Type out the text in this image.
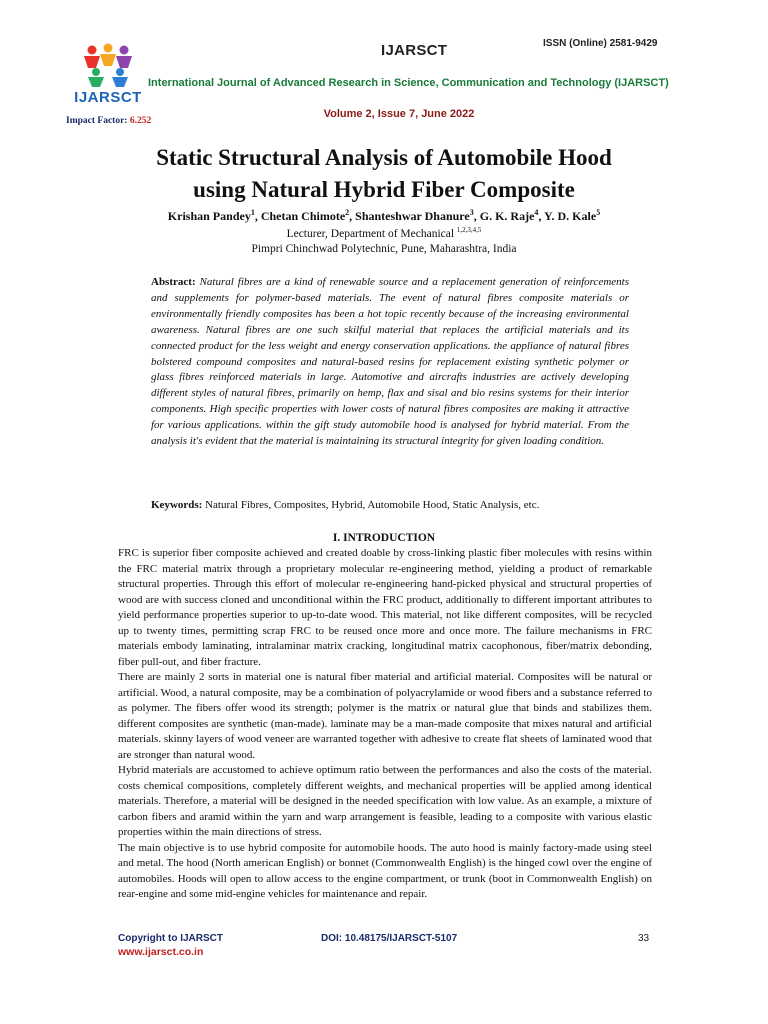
IJARSCT
IJARSCT	ISSN (Online) 2581-9429
International Journal of Advanced Research in Science, Communication and Technology (IJARSCT)
Volume 2, Issue 7, June 2022
Impact Factor: 6.252
Static Structural Analysis of Automobile Hood
using Natural Hybrid Fiber Composite
Krishan Pandey$^1$, Chetan Chimote$^2$, Shanteshwar Dhanure$^3$, G. K. Raje$^4$, Y. D. Kale$^5$
Lecturer, Department of Mechanical $^{1,2,3,4,5}$
Pimpri Chinchwad Polytechnic, Pune, Maharashtra, India
Abstract: Natural fibres are a kind of renewable source and a replacement generation of reinforcements and supplements for polymer-based materials. The event of natural fibres composite materials or environmentally friendly composites has been a hot topic recently because of the increasing environmental awareness. Natural fibres are one such skilful material that replaces the artificial materials and its connected product for the less weight and energy conservation applications. the appliance of natural fibres bolstered compound composites and natural-based resins for replacement existing synthetic polymer or glass fibres reinforced materials in large. Automotive and aircrafts industries are actively developing different styles of natural fibres, primarily on hemp, flax and sisal and bio resins systems for their interior components. High specific properties with lower costs of natural fibres composites are making it attractive for various applications. within the gift study automobile hood is analysed for hybrid material. From the analysis it's evident that the material is maintaining its structural integrity for given loading condition.
Keywords: Natural Fibres, Composites, Hybrid, Automobile Hood, Static Analysis, etc.
I. INTRODUCTION

FRC is superior fiber composite achieved and created doable by cross-linking plastic fiber molecules with resins within the FRC material matrix through a proprietary molecular re-engineering method, yielding a product of remarkable structural properties. Through this effort of molecular re-engineering hand-picked physical and structural properties of wood are with success cloned and unconditional within the FRC product, additionally to different important attributes to yield performance properties superior to up-to-date wood. This material, not like different composites, will be recycled up to twenty times, permitting scrap FRC to be reused once more and once more. The failure mechanisms in FRC materials embody laminating, intralaminar matrix cracking, longitudinal matrix cacophonous, fiber/matrix debonding, fiber pull-out, and fiber fracture.

There are mainly 2 sorts in material one is natural fiber material and artificial material. Composites will be natural or artificial. Wood, a natural composite, may be a combination of polyacrylamide or wood fibers and a substance referred to as polymer. The fibers offer wood its strength; polymer is the matrix or natural glue that binds and stabilizes them. different composites are synthetic (man-made). laminate may be a man-made composite that mixes natural and artificial materials. skinny layers of wood veneer are warranted together with adhesive to create flat sheets of laminated wood that are stronger than natural wood.

Hybrid materials are accustomed to achieve optimum ratio between the performances and also the costs of the material. costs chemical compositions, completely different weights, and mechanical properties will be applied among identical materials. Therefore, a material will be designed in the needed specification with low value. As an example, a mixture of carbon fibers and aramid within the yarn and warp arrangement is feasible, leading to a composite with various elastic properties within the main directions of stress.

The main objective is to use hybrid composite for automobile hoods. The auto hood is mainly factory-made using steel and metal. The hood (North american English) or bonnet (Commonwealth English) is the hinged cowl over the engine of automobiles. Hoods will open to allow access to the engine compartment, or trunk (boot in Commonwealth English) on rear-engine and some mid-engine vehicles for maintenance and repair.

Copyright to IJARSCT
www.ijarsct.co.in
DOI: 10.48175/IJARSCT-5107	33
